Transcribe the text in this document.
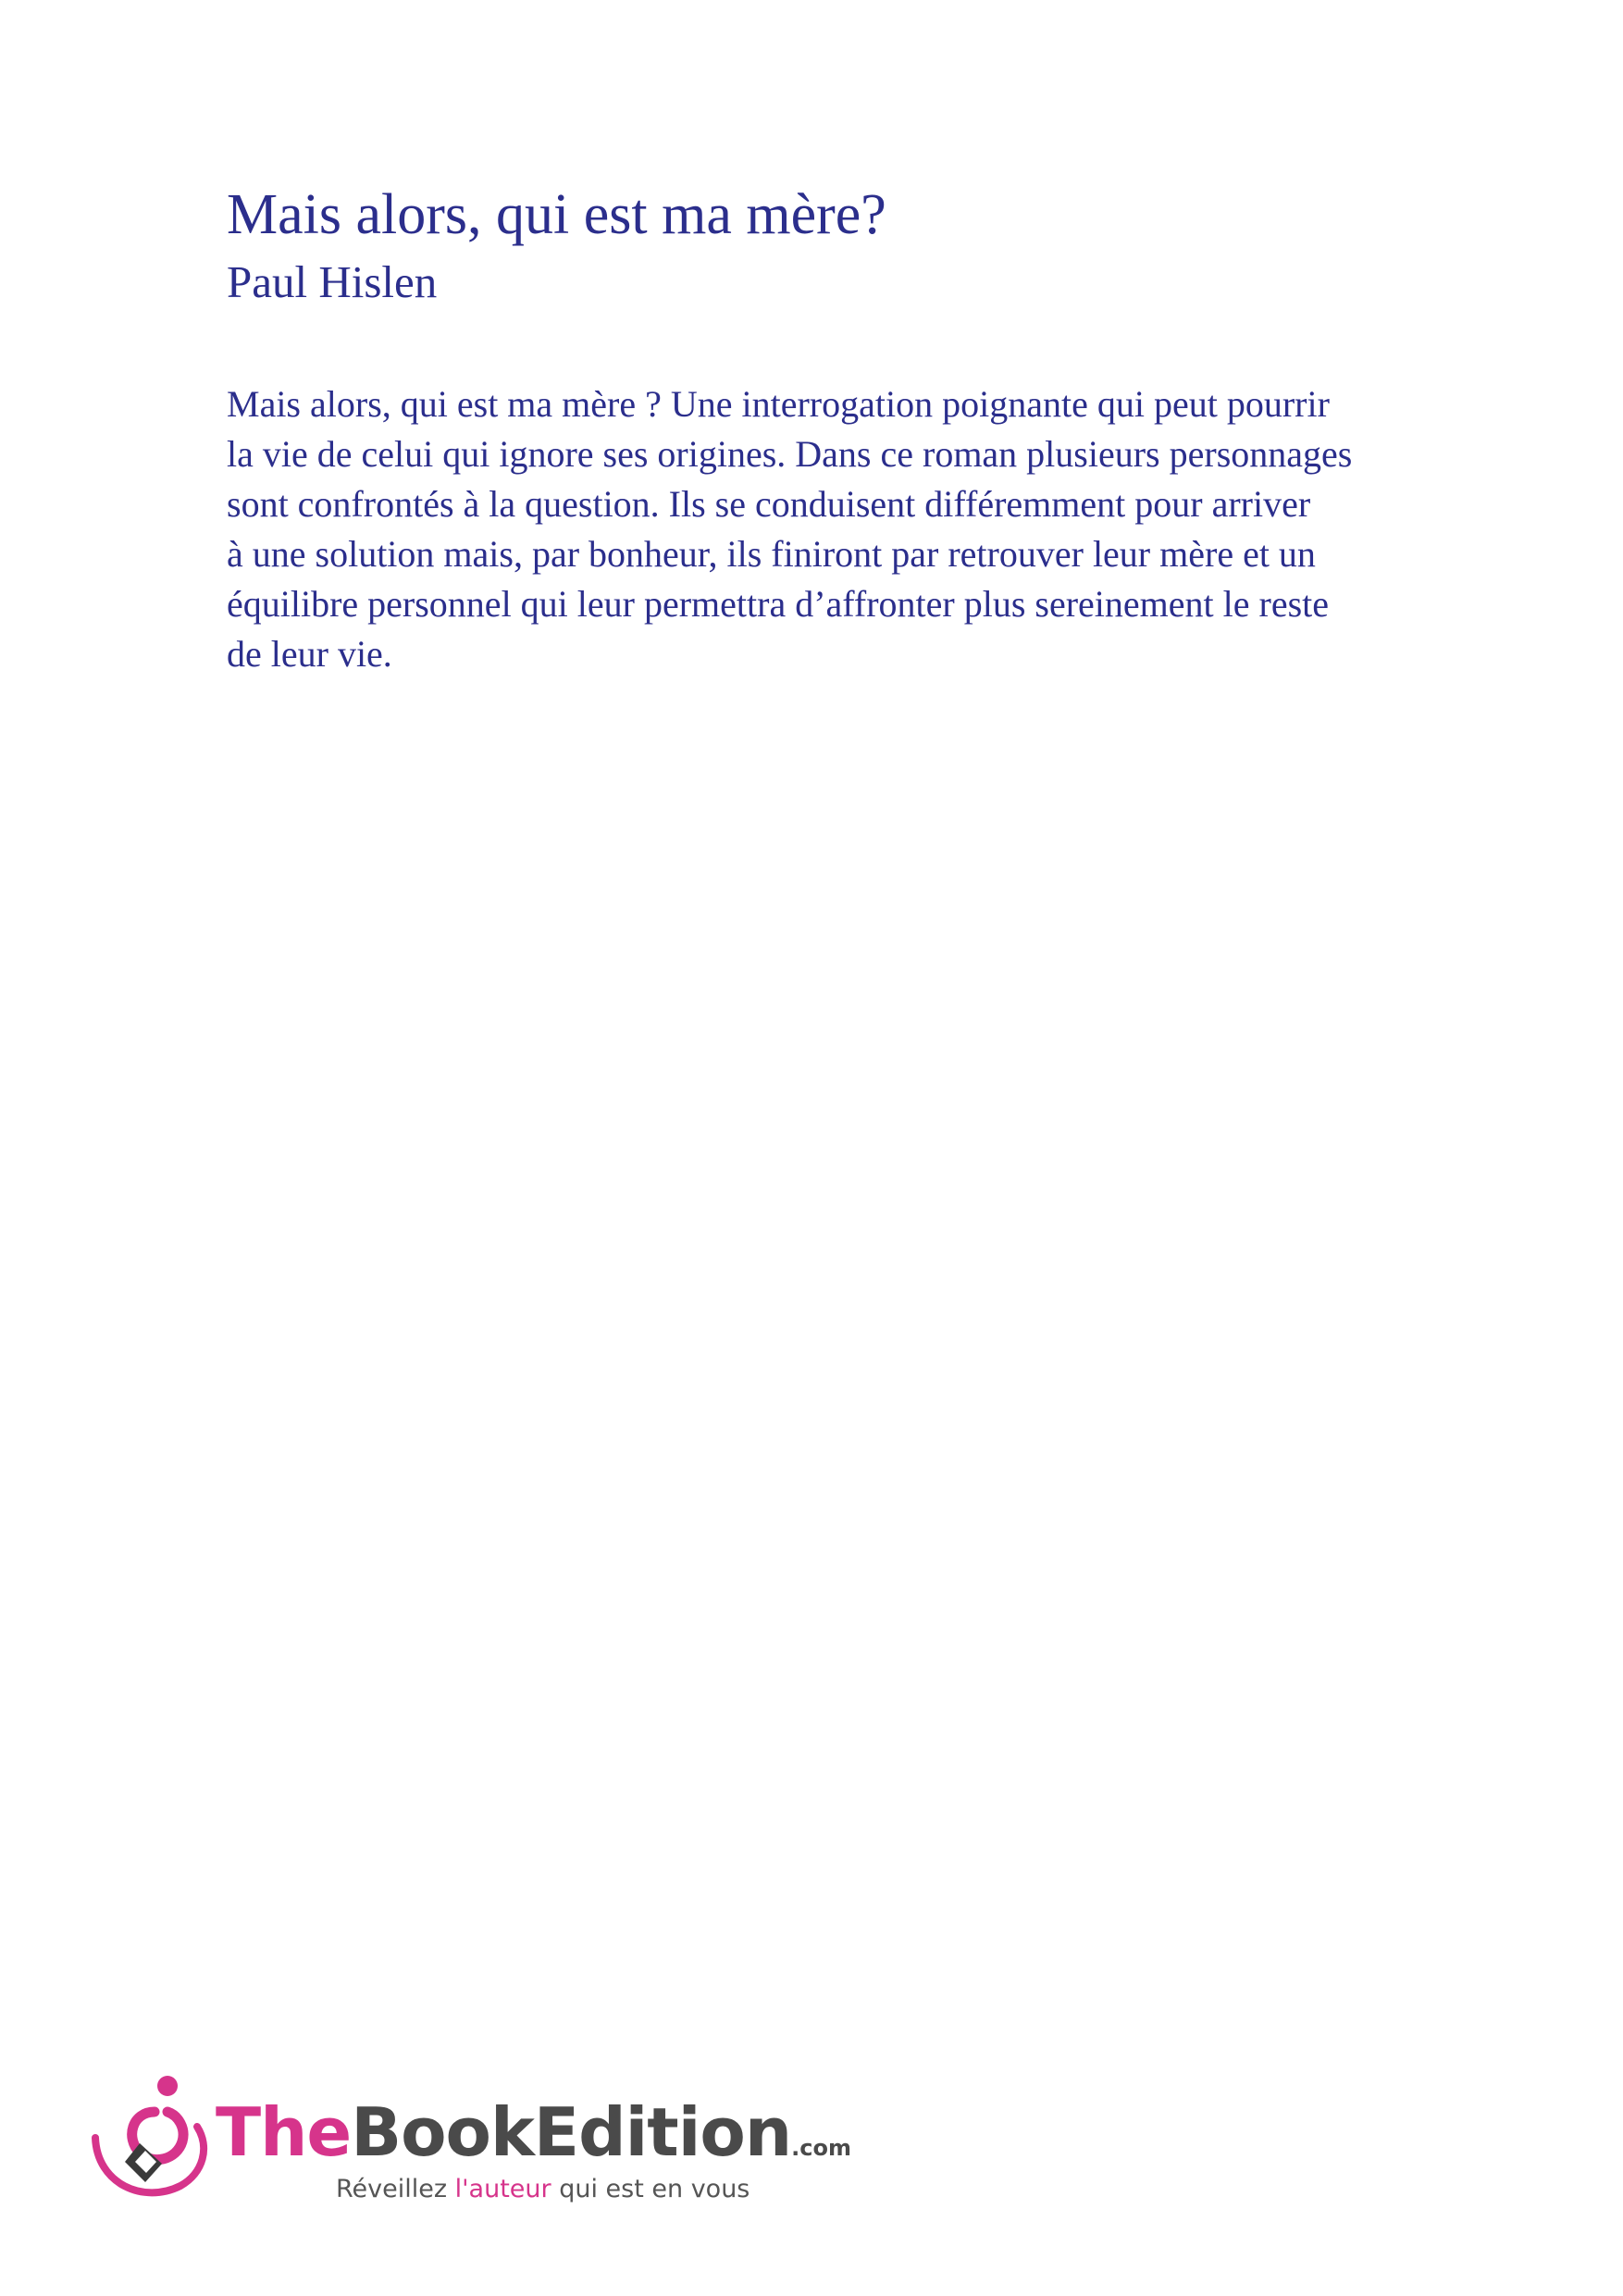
Mais alors, qui est ma mère?
Paul Hislen

Mais alors, qui est ma mère ? Une interrogation poignante qui peut pourrir
la vie de celui qui ignore ses origines. Dans ce roman plusieurs personnages
sont confrontés à la question. Ils se conduisent différemment pour arriver
à une solution mais, par bonheur, ils finiront par retrouver leur mère et un
équilibre personnel qui leur permettra d’affronter plus sereinement le reste
de leur vie.

TheBookEdition.com
Réveillez l'auteur qui est en vous
